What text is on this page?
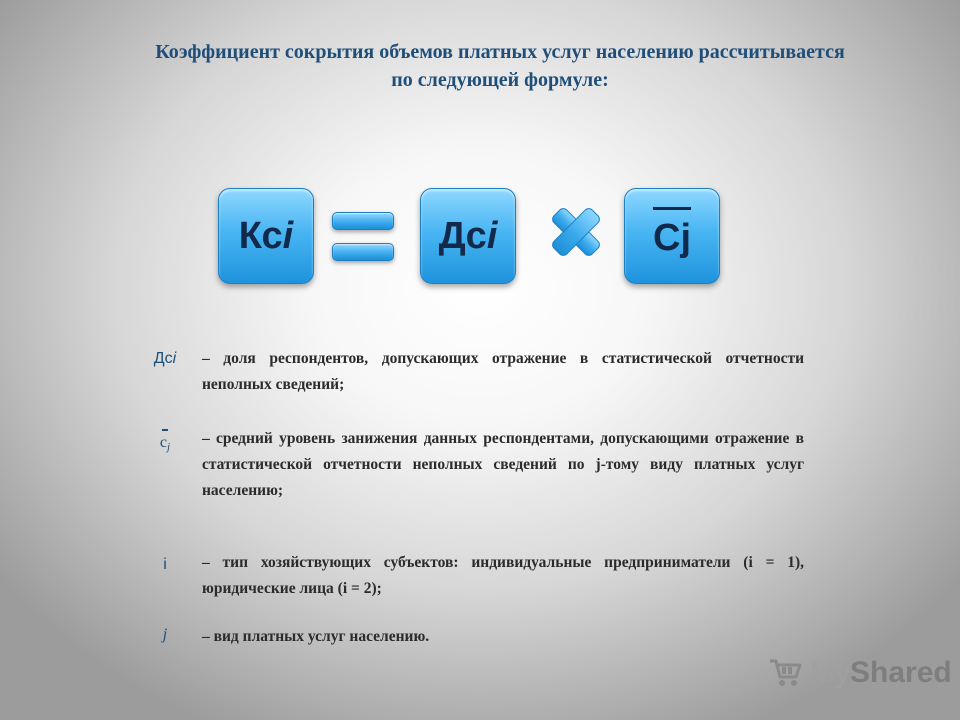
Коэффициент сокрытия объемов платных услуг населению рассчитывается
по следующей формуле:
Ксi	Дсi	Cj
Дсi	– доля респондентов, допускающих отражение в статистической отчетности неполных сведений;
$c_j$	– средний уровень занижения данных респондентами, допускающими отражение в статистической отчетности неполных сведений по j-тому виду платных услуг населению;
i	– тип хозяйствующих субъектов: индивидуальные предприниматели (i = 1), юридические лица (i = 2);
j	– вид платных услуг населению.
MyShared
